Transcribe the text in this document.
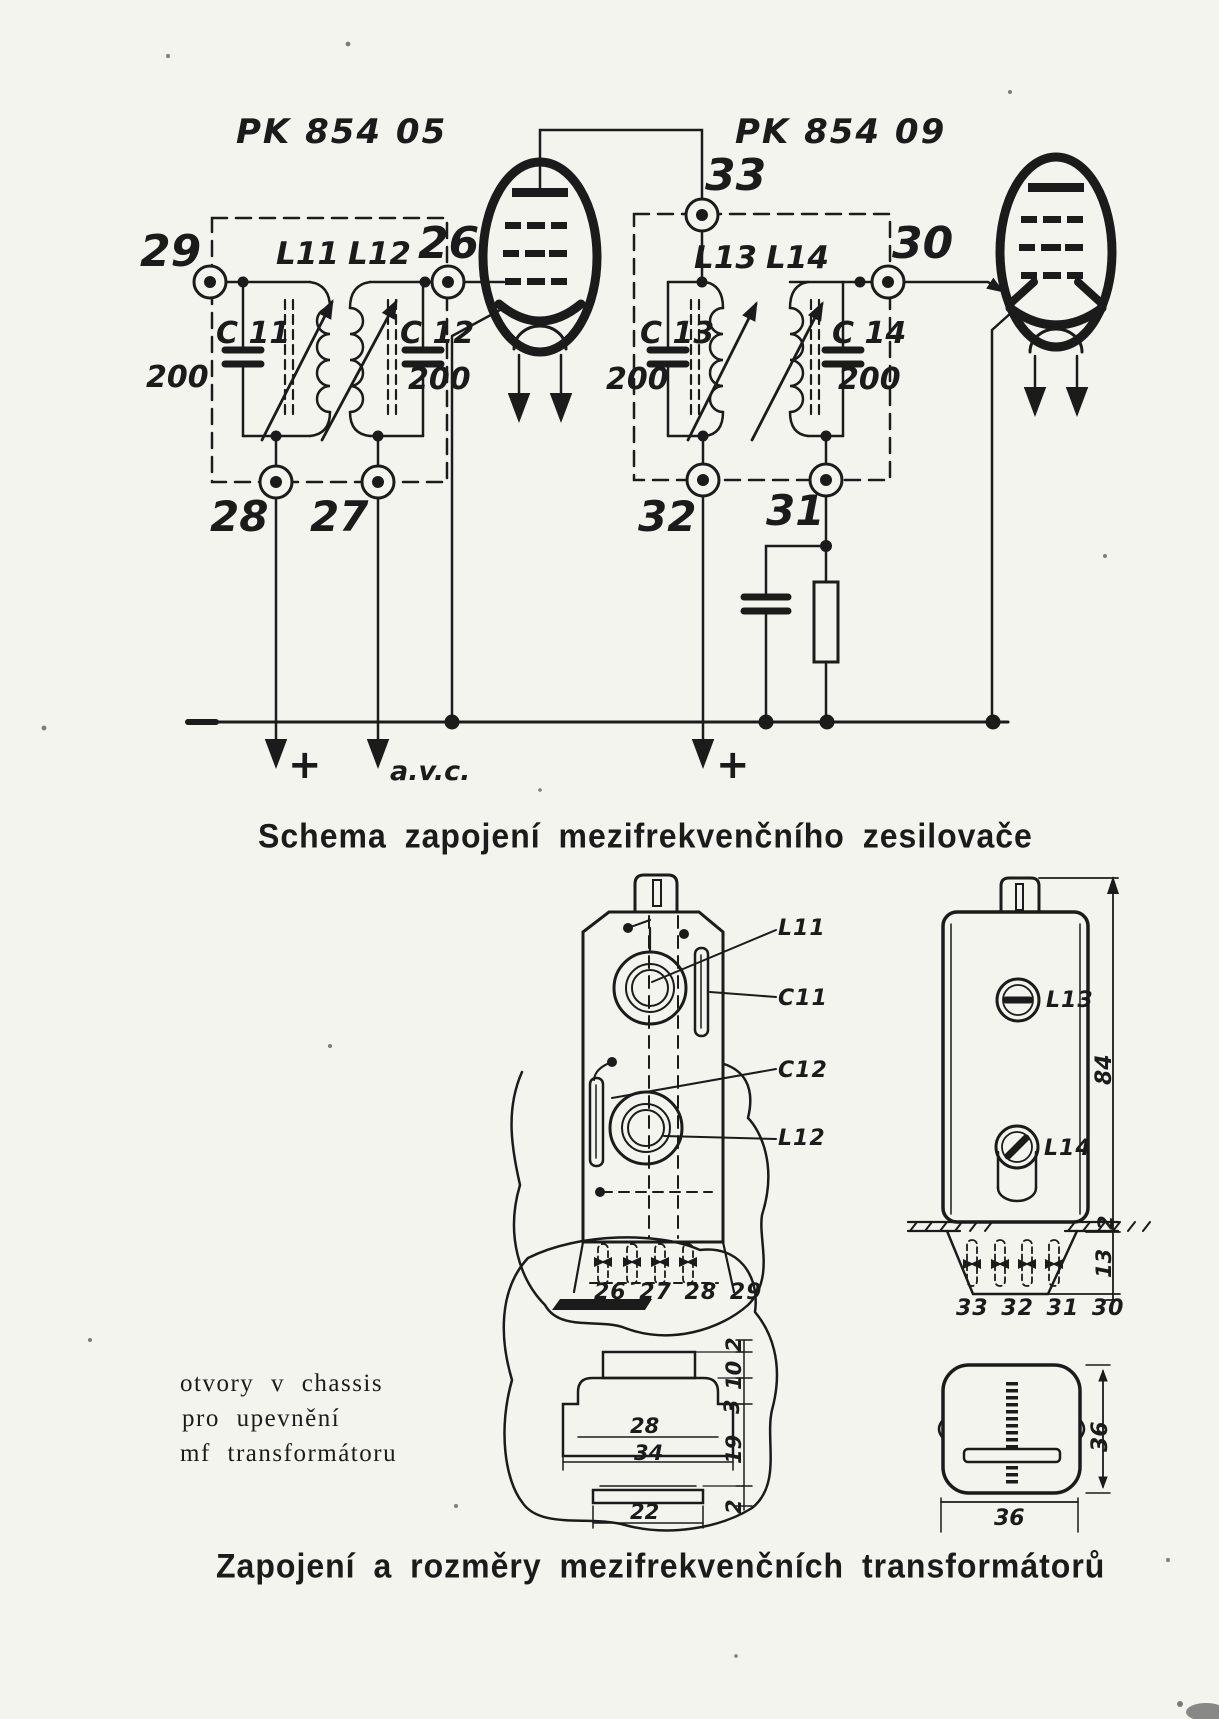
PK 854 05	PK 854 09
29	26
33
30
28 27	32 31
L11 L12	L13 L14
C 11	C 12	C 13	C 14
200	200	200	200
+	a.v.c.	+
Schema zapojení mezifrekvenčního zesilovače
L11
C11
C12
L12
26 27 28 29
L13
L14
84
2
13
33 32 31 30
otvory v chassis
pro upevnění
mf transformátoru
28
34
22
2
10
3
19
2
36
36
Zapojení a rozměry mezifrekvenčních transformátorů
